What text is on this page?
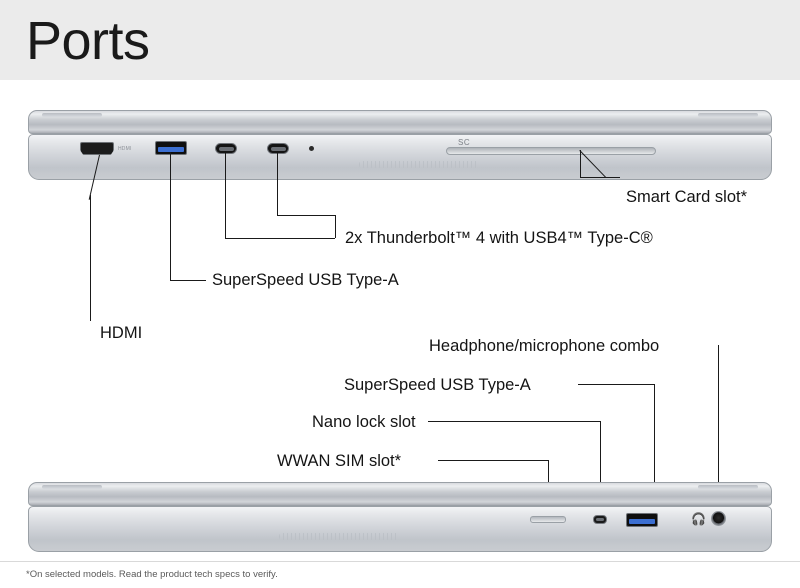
Ports
HDMI
SC
Smart Card slot*
2x Thunderbolt™ 4 with USB4™ Type-C®
SuperSpeed USB Type-A
HDMI
Headphone/microphone combo
SuperSpeed USB Type-A
Nano lock slot
WWAN SIM slot*
🎧
*On selected models. Read the product tech specs to verify.
